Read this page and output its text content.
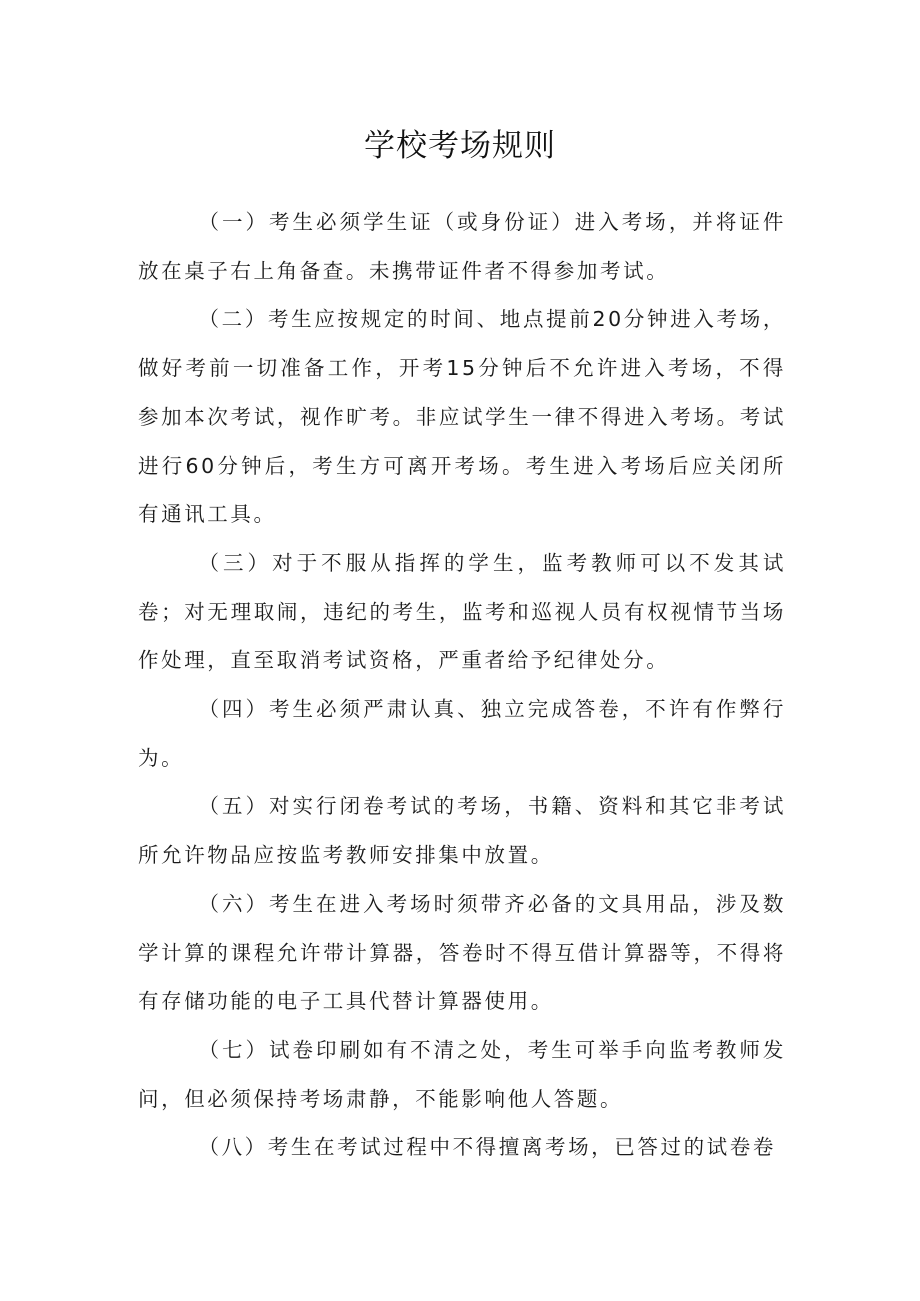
学校考场规则

（一）考生必须学生证（或身份证）进入考场，并将证件放在桌子右上角备查。未携带证件者不得参加考试。

（二）考生应按规定的时间、地点提前20分钟进入考场，做好考前一切准备工作，开考15分钟后不允许进入考场，不得参加本次考试，视作旷考。非应试学生一律不得进入考场。考试进行60分钟后，考生方可离开考场。考生进入考场后应关闭所有通讯工具。

（三）对于不服从指挥的学生，监考教师可以不发其试卷；对无理取闹，违纪的考生，监考和巡视人员有权视情节当场作处理，直至取消考试资格，严重者给予纪律处分。

（四）考生必须严肃认真、独立完成答卷，不许有作弊行为。

（五）对实行闭卷考试的考场，书籍、资料和其它非考试所允许物品应按监考教师安排集中放置。

（六）考生在进入考场时须带齐必备的文具用品，涉及数学计算的课程允许带计算器，答卷时不得互借计算器等，不得将有存储功能的电子工具代替计算器使用。

（七）试卷印刷如有不清之处，考生可举手向监考教师发问，但必须保持考场肃静，不能影响他人答题。

（八）考生在考试过程中不得擅离考场，已答过的试卷卷
